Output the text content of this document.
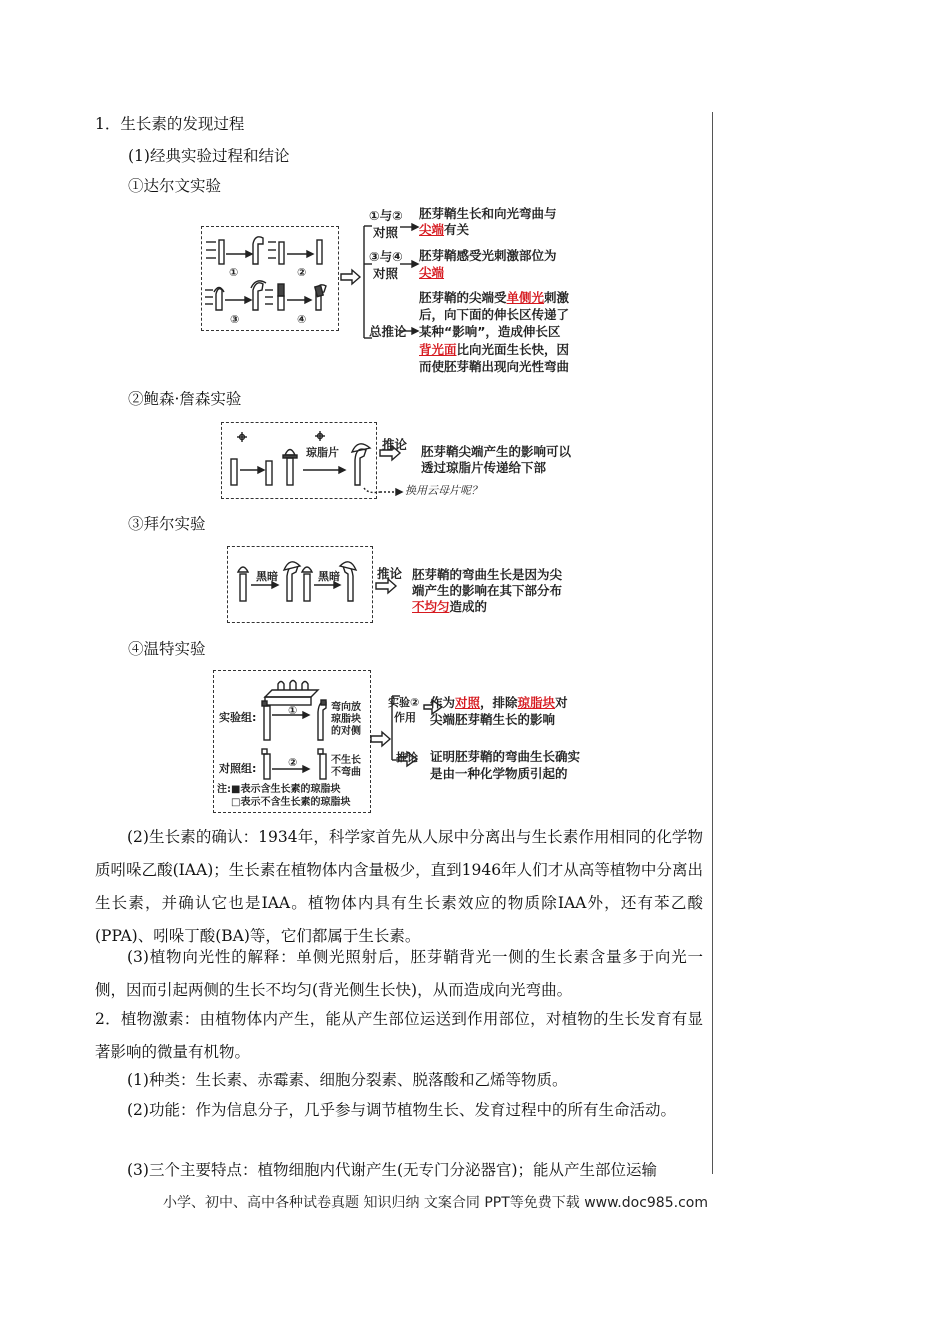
1．生长素的发现过程
(1)经典实验过程和结论
①达尔文实验
①	②
③	④
①与②
对照
胚芽鞘生长和向光弯曲与
尖端有关
③与④
对照
胚芽鞘感受光刺激部位为
尖端
总推论
胚芽鞘的尖端受单侧光刺激
后，向下面的伸长区传递了
某种“影响”，造成伸长区
背光面比向光面生长快，因
而使胚芽鞘出现向光性弯曲
②鲍森·詹森实验
琼脂片
推论 胚芽鞘尖端产生的影响可以
透过琼脂片传递给下部
换用云母片呢？
③拜尔实验
黑暗	黑暗	推论 胚芽鞘的弯曲生长是因为尖
端产生的影响在其下部分布
不均匀造成的
④温特实验
实验组:
对照组:
①
②
弯向放
琼脂块
的对侧
不生长
不弯曲
注:■表示含生长素的琼脂块
□表示不含生长素的琼脂块
实验②
作用
作为对照，排除琼脂块对
尖端胚芽鞘生长的影响
推论 证明胚芽鞘的弯曲生长确实
是由一种化学物质引起的
(2)生长素的确认：1934年，科学家首先从人尿中分离出与生长素作用相同的化学物质吲哚乙酸(IAA)；生长素在植物体内含量极少，直到1946年人们才从高等植物中分离出生长素，并确认它也是IAA。植物体内具有生长素效应的物质除IAA外，还有苯乙酸(PPA)、吲哚丁酸(BA)等，它们都属于生长素。
(3)植物向光性的解释：单侧光照射后，胚芽鞘背光一侧的生长素含量多于向光一侧，因而引起两侧的生长不均匀(背光侧生长快)，从而造成向光弯曲。
2．植物激素：由植物体内产生，能从产生部位运送到作用部位，对植物的生长发育有显著影响的微量有机物。
(1)种类：生长素、赤霉素、细胞分裂素、脱落酸和乙烯等物质。
(2)功能：作为信息分子，几乎参与调节植物生长、发育过程中的所有生命活动。
(3)三个主要特点：植物细胞内代谢产生(无专门分泌器官)；能从产生部位运输
小学、初中、高中各种试卷真题 知识归纳 文案合同 PPT等免费下载 www.doc985.com
